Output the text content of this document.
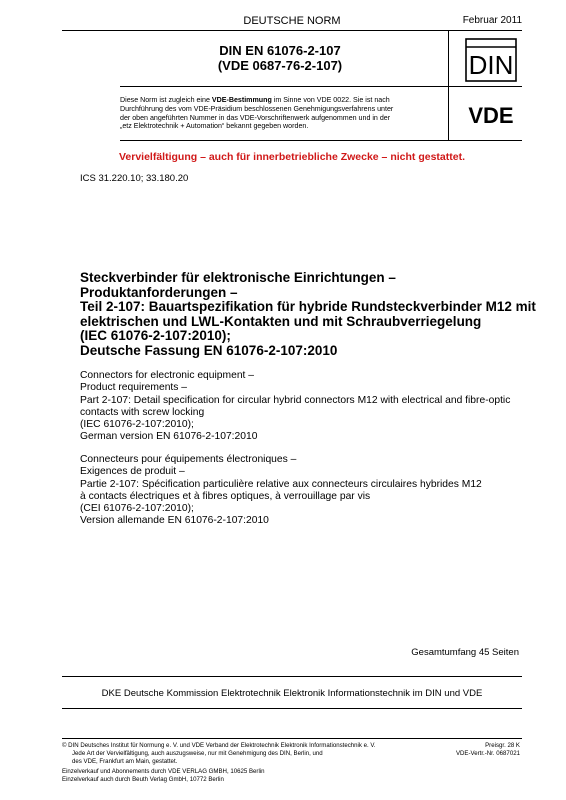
DEUTSCHE NORM	Februar 2011
DIN EN 61076-2-107
(VDE 0687-76-2-107)	DIN
VDE
Diese Norm ist zugleich eine VDE-Bestimmung im Sinne von VDE 0022. Sie ist nach
Durchführung des vom VDE-Präsidium beschlossenen Genehmigungsverfahrens unter
der oben angeführten Nummer in das VDE-Vorschriftenwerk aufgenommen und in der
„etz Elektrotechnik + Automation“ bekannt gegeben worden.
Vervielfältigung – auch für innerbetriebliche Zwecke – nicht gestattet.
ICS 31.220.10; 33.180.20
Steckverbinder für elektronische Einrichtungen –
Produktanforderungen –
Teil 2-107: Bauartspezifikation für hybride Rundsteckverbinder M12 mit
elektrischen und LWL-Kontakten und mit Schraubverriegelung
(IEC 61076-2-107:2010);
Deutsche Fassung EN 61076-2-107:2010
Connectors for electronic equipment –
Product requirements –
Part 2-107: Detail specification for circular hybrid connectors M12 with electrical and fibre-optic
contacts with screw locking
(IEC 61076-2-107:2010);
German version EN 61076-2-107:2010
Connecteurs pour équipements électroniques –
Exigences de produit –
Partie 2-107: Spécification particulière relative aux connecteurs circulaires hybrides M12
à contacts électriques et à fibres optiques, à verrouillage par vis
(CEI 61076-2-107:2010);
Version allemande EN 61076-2-107:2010
Gesamtumfang 45 Seiten
DKE Deutsche Kommission Elektrotechnik Elektronik Informationstechnik im DIN und VDE
© DIN Deutsches Institut für Normung e. V. und VDE Verband der Elektrotechnik Elektronik Informationstechnik e. V.
Jede Art der Vervielfältigung, auch auszugsweise, nur mit Genehmigung des DIN, Berlin, und
des VDE, Frankfurt am Main, gestattet.
Preisgr. 28 K
VDE-Vertr.-Nr. 0687021
Einzelverkauf und Abonnements durch VDE VERLAG GMBH, 10625 Berlin
Einzelverkauf auch durch Beuth Verlag GmbH, 10772 Berlin
